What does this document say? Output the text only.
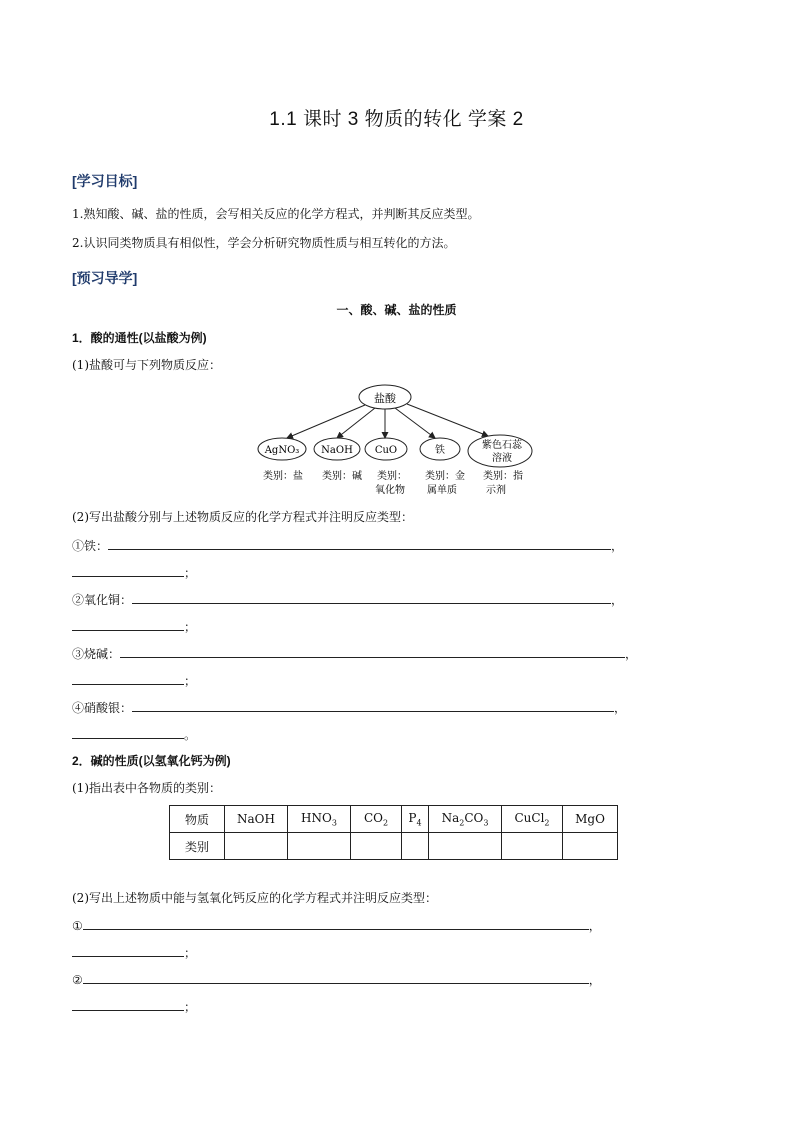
1.1 课时 3 物质的转化 学案 2
[学习目标]
1.熟知酸、碱、盐的性质，会写相关反应的化学方程式，并判断其反应类型。
2.认识同类物质具有相似性，学会分析研究物质性质与相互转化的方法。
[预习导学]
一、酸、碱、盐的性质
1．酸的通性(以盐酸为例)
(1)盐酸可与下列物质反应：
盐酸
AgNO₃ NaOH CuO	铁	紫色石蕊
溶液
类别：盐 类别：碱 类别：
氧化物
类别：金
属单质
类别：指
示剂
(2)写出盐酸分别与上述物质反应的化学方程式并注明反应类型：
①铁：	，
；
②氧化铜：	，
；
③烧碱：	，
；
④硝酸银：	，
。
2．碱的性质(以氢氧化钙为例)
(1)指出表中各物质的类别：
物质	NaOH	$HNO_3$	$CO_2$	$P_4$	$Na_2CO_3$	CuCl$_2$	MgO
类别							
(2)写出上述物质中能与氢氧化钙反应的化学方程式并注明反应类型：
①	，
；
②	，
；
